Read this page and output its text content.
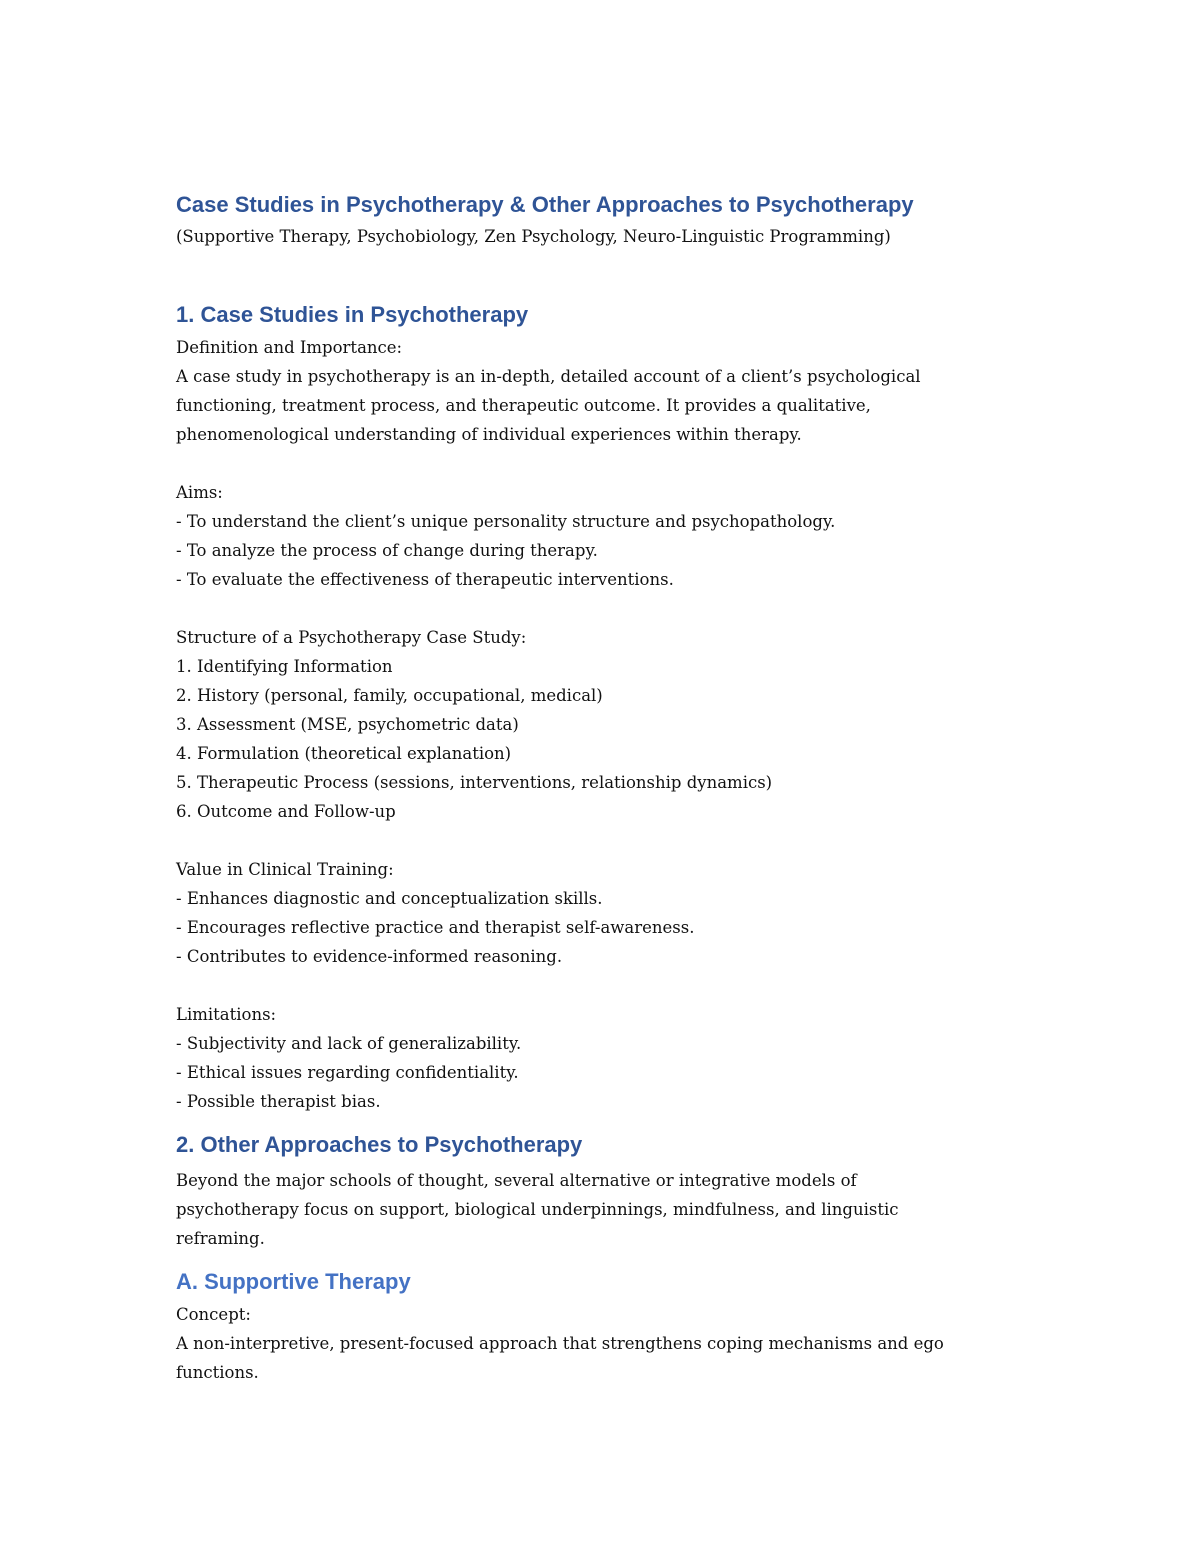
Case Studies in Psychotherapy & Other Approaches to Psychotherapy

(Supportive Therapy, Psychobiology, Zen Psychology, Neuro-Linguistic Programming)

1. Case Studies in Psychotherapy

Definition and Importance:

A case study in psychotherapy is an in-depth, detailed account of a client’s psychological

functioning, treatment process, and therapeutic outcome. It provides a qualitative,

phenomenological understanding of individual experiences within therapy.

Aims:

- To understand the client’s unique personality structure and psychopathology.

- To analyze the process of change during therapy.

- To evaluate the effectiveness of therapeutic interventions.

Structure of a Psychotherapy Case Study:

1. Identifying Information

2. History (personal, family, occupational, medical)

3. Assessment (MSE, psychometric data)

4. Formulation (theoretical explanation)

5. Therapeutic Process (sessions, interventions, relationship dynamics)

6. Outcome and Follow-up

Value in Clinical Training:

- Enhances diagnostic and conceptualization skills.

- Encourages reflective practice and therapist self-awareness.

- Contributes to evidence-informed reasoning.

Limitations:

- Subjectivity and lack of generalizability.

- Ethical issues regarding confidentiality.

- Possible therapist bias.

2. Other Approaches to Psychotherapy

Beyond the major schools of thought, several alternative or integrative models of

psychotherapy focus on support, biological underpinnings, mindfulness, and linguistic

reframing.

A. Supportive Therapy

Concept:

A non-interpretive, present-focused approach that strengthens coping mechanisms and ego

functions.
